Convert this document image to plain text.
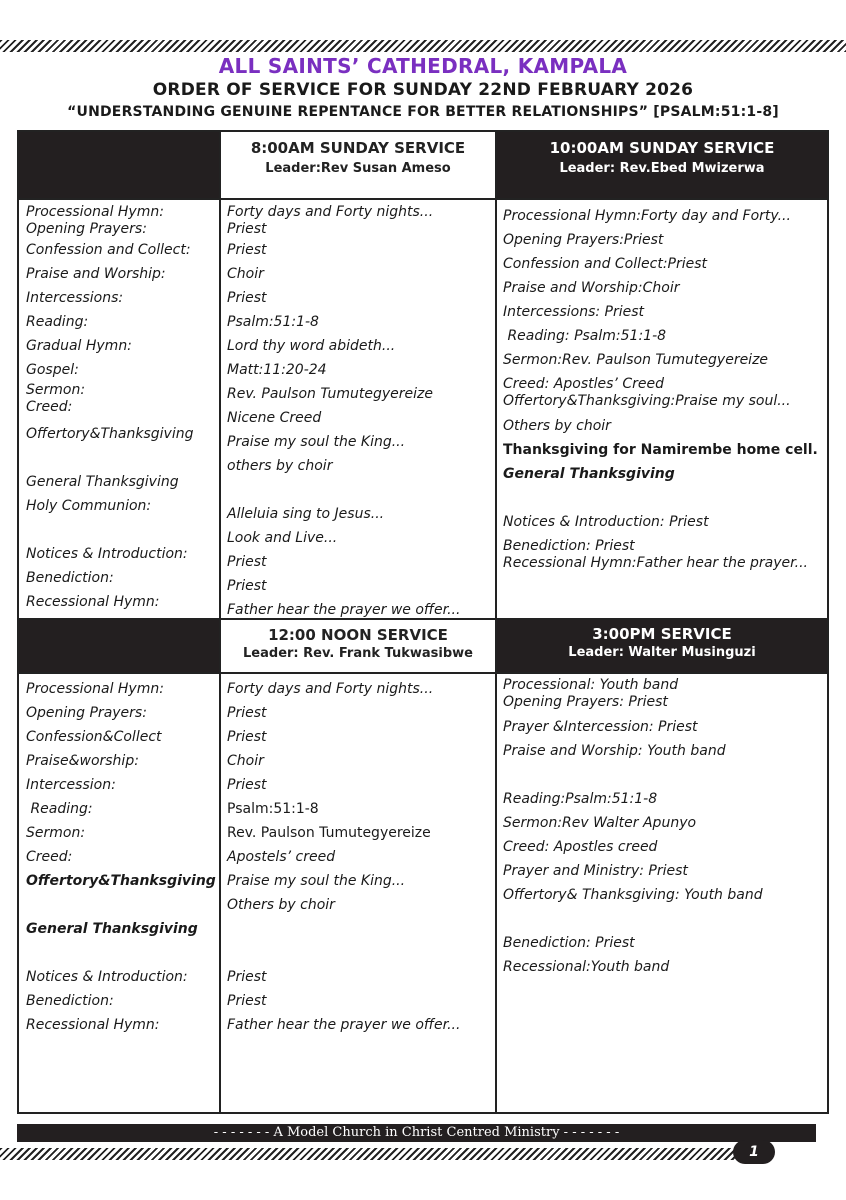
ALL SAINTS’ CATHEDRAL, KAMPALA
ORDER OF SERVICE FOR SUNDAY 22ND FEBRUARY 2026
“UNDERSTANDING GENUINE REPENTANCE FOR BETTER RELATIONSHIPS” [PSALM:51:1-8]
8:00AM SUNDAY SERVICE
Leader:Rev Susan Ameso
10:00AM SUNDAY SERVICE
Leader: Rev.Ebed Mwizerwa
12:00 NOON SERVICE
Leader: Rev. Frank Tukwasibwe
3:00PM SERVICE
Leader: Walter Musinguzi
Processional Hymn:
Opening Prayers:
Confession and Collect:
Praise and Worship:
Intercessions:
Reading:
Gradual Hymn:
Gospel:
Sermon:
Creed:
Offertory&Thanksgiving
General Thanksgiving
Holy Communion:
Notices & Introduction:
Benediction:
Recessional Hymn:
Forty days and Forty nights...
Priest
Priest
Choir
Priest
Psalm:51:1-8
Lord thy word abideth...
Matt:11:20-24
Rev. Paulson Tumutegyereize
Nicene Creed
Praise my soul the King...
others by choir
Alleluia sing to Jesus...
Look and Live...
Priest
Priest
Father hear the prayer we offer...
Processional Hymn:Forty day and Forty...
Opening Prayers:Priest
Confession and Collect:Priest
Praise and Worship:Choir
Intercessions: Priest
Reading: Psalm:51:1-8
Sermon:Rev. Paulson Tumutegyereize
Creed: Apostles’ Creed
Offertory&Thanksgiving:Praise my soul...
Others by choir
Thanksgiving for Namirembe home cell.
General Thanksgiving
Notices & Introduction: Priest
Benediction: Priest
Recessional Hymn:Father hear the prayer...
Processional Hymn:
Opening Prayers:
Confession&Collect
Praise&worship:
Intercession:
Reading:
Sermon:
Creed:
Offertory&Thanksgiving
General Thanksgiving
Notices & Introduction:
Benediction:
Recessional Hymn:
Forty days and Forty nights...
Priest
Priest
Choir
Priest
Psalm:51:1-8
Rev. Paulson Tumutegyereize
Apostels’ creed
Praise my soul the King...
Others by choir
Priest
Priest
Father hear the prayer we offer...
Processional: Youth band
Opening Prayers: Priest
Prayer &Intercession: Priest
Praise and Worship: Youth band
Reading:Psalm:51:1-8
Sermon:Rev Walter Apunyo
Creed: Apostles creed
Prayer and Ministry: Priest
Offertory& Thanksgiving: Youth band
Benediction: Priest
Recessional:Youth band
- - - - - - - A Model Church in Christ Centred Ministry - - - - - - -
1
